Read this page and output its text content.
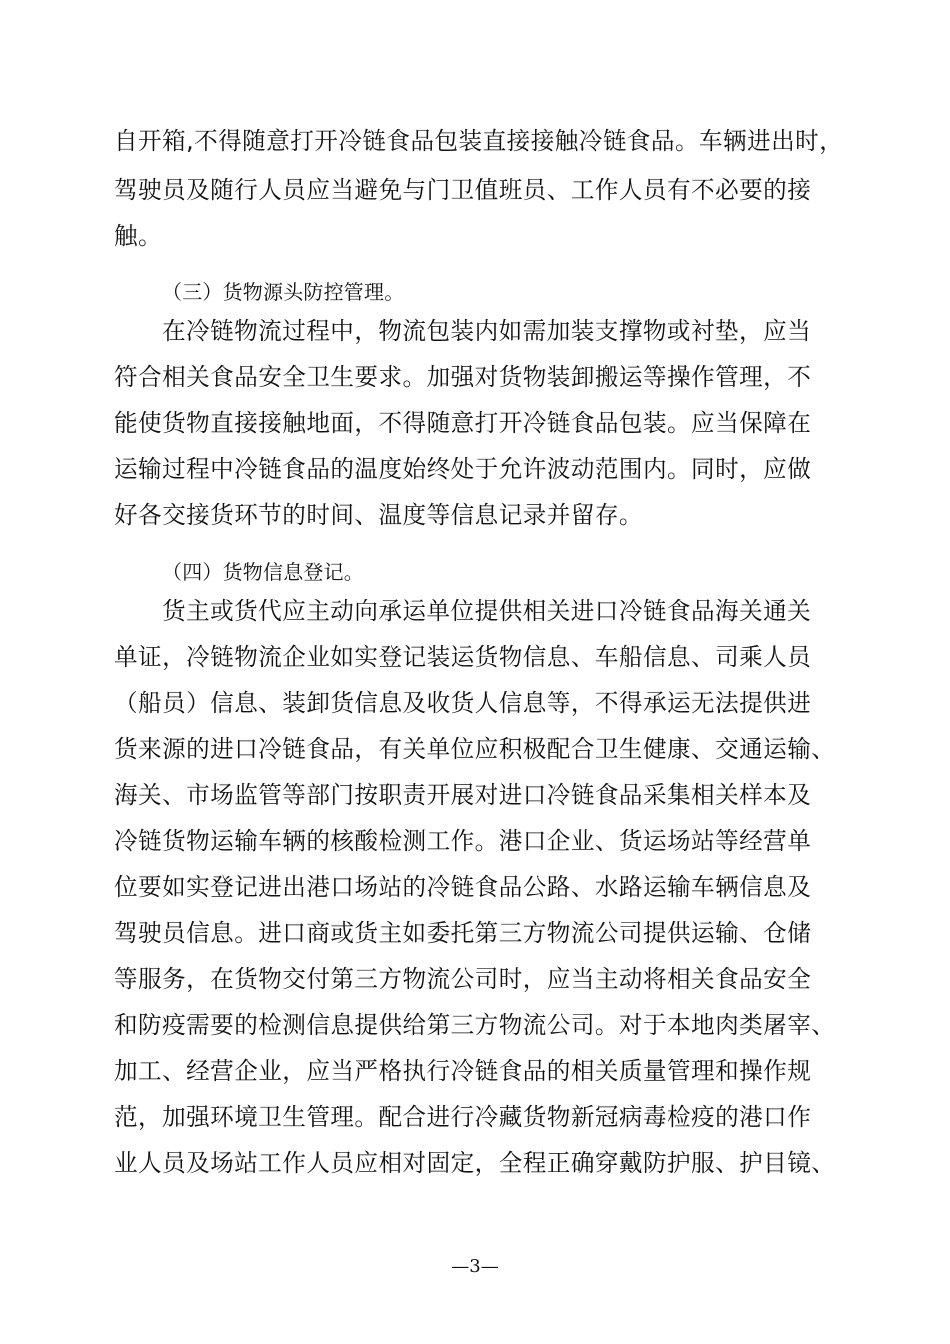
自开箱,不得随意打开冷链食品包装直接接触冷链食品。车辆进出时，
驾驶员及随行人员应当避免与门卫值班员、工作人员有不必要的接
触。
（三）货物源头防控管理。
在冷链物流过程中，物流包装内如需加装支撑物或衬垫，应当
符合相关食品安全卫生要求。加强对货物装卸搬运等操作管理，不
能使货物直接接触地面，不得随意打开冷链食品包装。应当保障在
运输过程中冷链食品的温度始终处于允许波动范围内。同时，应做
好各交接货环节的时间、温度等信息记录并留存。
（四）货物信息登记。
货主或货代应主动向承运单位提供相关进口冷链食品海关通关
单证，冷链物流企业如实登记装运货物信息、车船信息、司乘人员
（船员）信息、装卸货信息及收货人信息等，不得承运无法提供进
货来源的进口冷链食品，有关单位应积极配合卫生健康、交通运输、
海关、市场监管等部门按职责开展对进口冷链食品采集相关样本及
冷链货物运输车辆的核酸检测工作。港口企业、货运场站等经营单
位要如实登记进出港口场站的冷链食品公路、水路运输车辆信息及
驾驶员信息。进口商或货主如委托第三方物流公司提供运输、仓储
等服务，在货物交付第三方物流公司时，应当主动将相关食品安全
和防疫需要的检测信息提供给第三方物流公司。对于本地肉类屠宰、
加工、经营企业，应当严格执行冷链食品的相关质量管理和操作规
范，加强环境卫生管理。配合进行冷藏货物新冠病毒检疫的港口作
业人员及场站工作人员应相对固定，全程正确穿戴防护服、护目镜、
—3—
